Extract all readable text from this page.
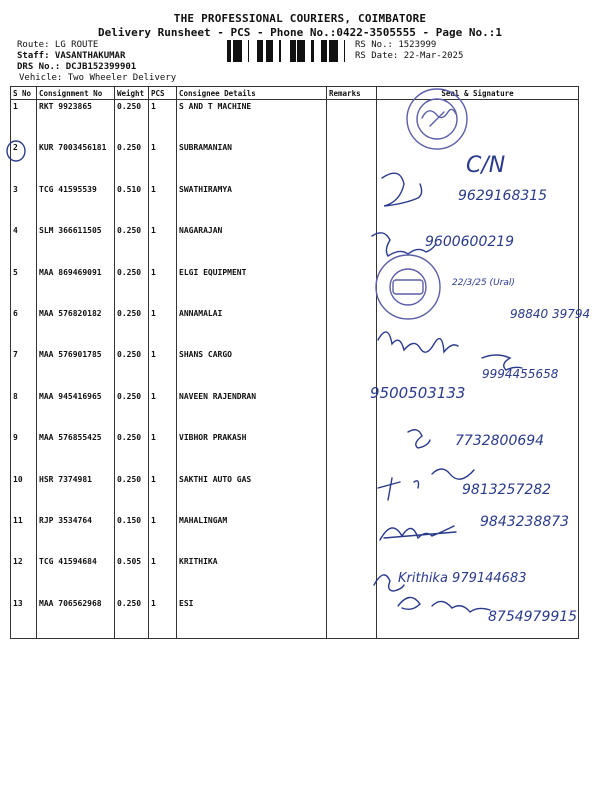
THE PROFESSIONAL COURIERS, COIMBATORE
Delivery Runsheet - PCS - Phone No.:0422-3505555 - Page No.:1
Route: LG ROUTE
Staff: VASANTHAKUMAR
DRS No.: DCJB152399901
Vehicle: Two Wheeler Delivery
RS No.: 1523999
RS Date: 22-Mar-2025
S No	Consignment No	Weight	PCS	Consignee Details	Remarks	Seal & Signature
1	RKT 9923865	0.250	1	S AND T MACHINE		
2	KUR 7003456181	0.250	1	SUBRAMANIAN		
3	TCG 41595539	0.510	1	SWATHIRAMYA		
4	SLM 366611505	0.250	1	NAGARAJAN		
5	MAA 869469091	0.250	1	ELGI EQUIPMENT		
6	MAA 576820182	0.250	1	ANNAMALAI		
7	MAA 576901785	0.250	1	SHANS CARGO		
8	MAA 945416965	0.250	1	NAVEEN RAJENDRAN		
9	MAA 576855425	0.250	1	VIBHOR PRAKASH		
10	HSR 7374981	0.250	1	SAKTHI AUTO GAS		
11	RJP 3534764	0.150	1	MAHALINGAM		
12	TCG 41594684	0.505	1	KRITHIKA		
13	MAA 706562968	0.250	1	ESI		
C/N
9629168315
9600600219
22/3/25 (Ural)
98840 39794
9994455658
9500503133
7732800694
9813257282
9843238873
Krithika 979144683
8754979915
